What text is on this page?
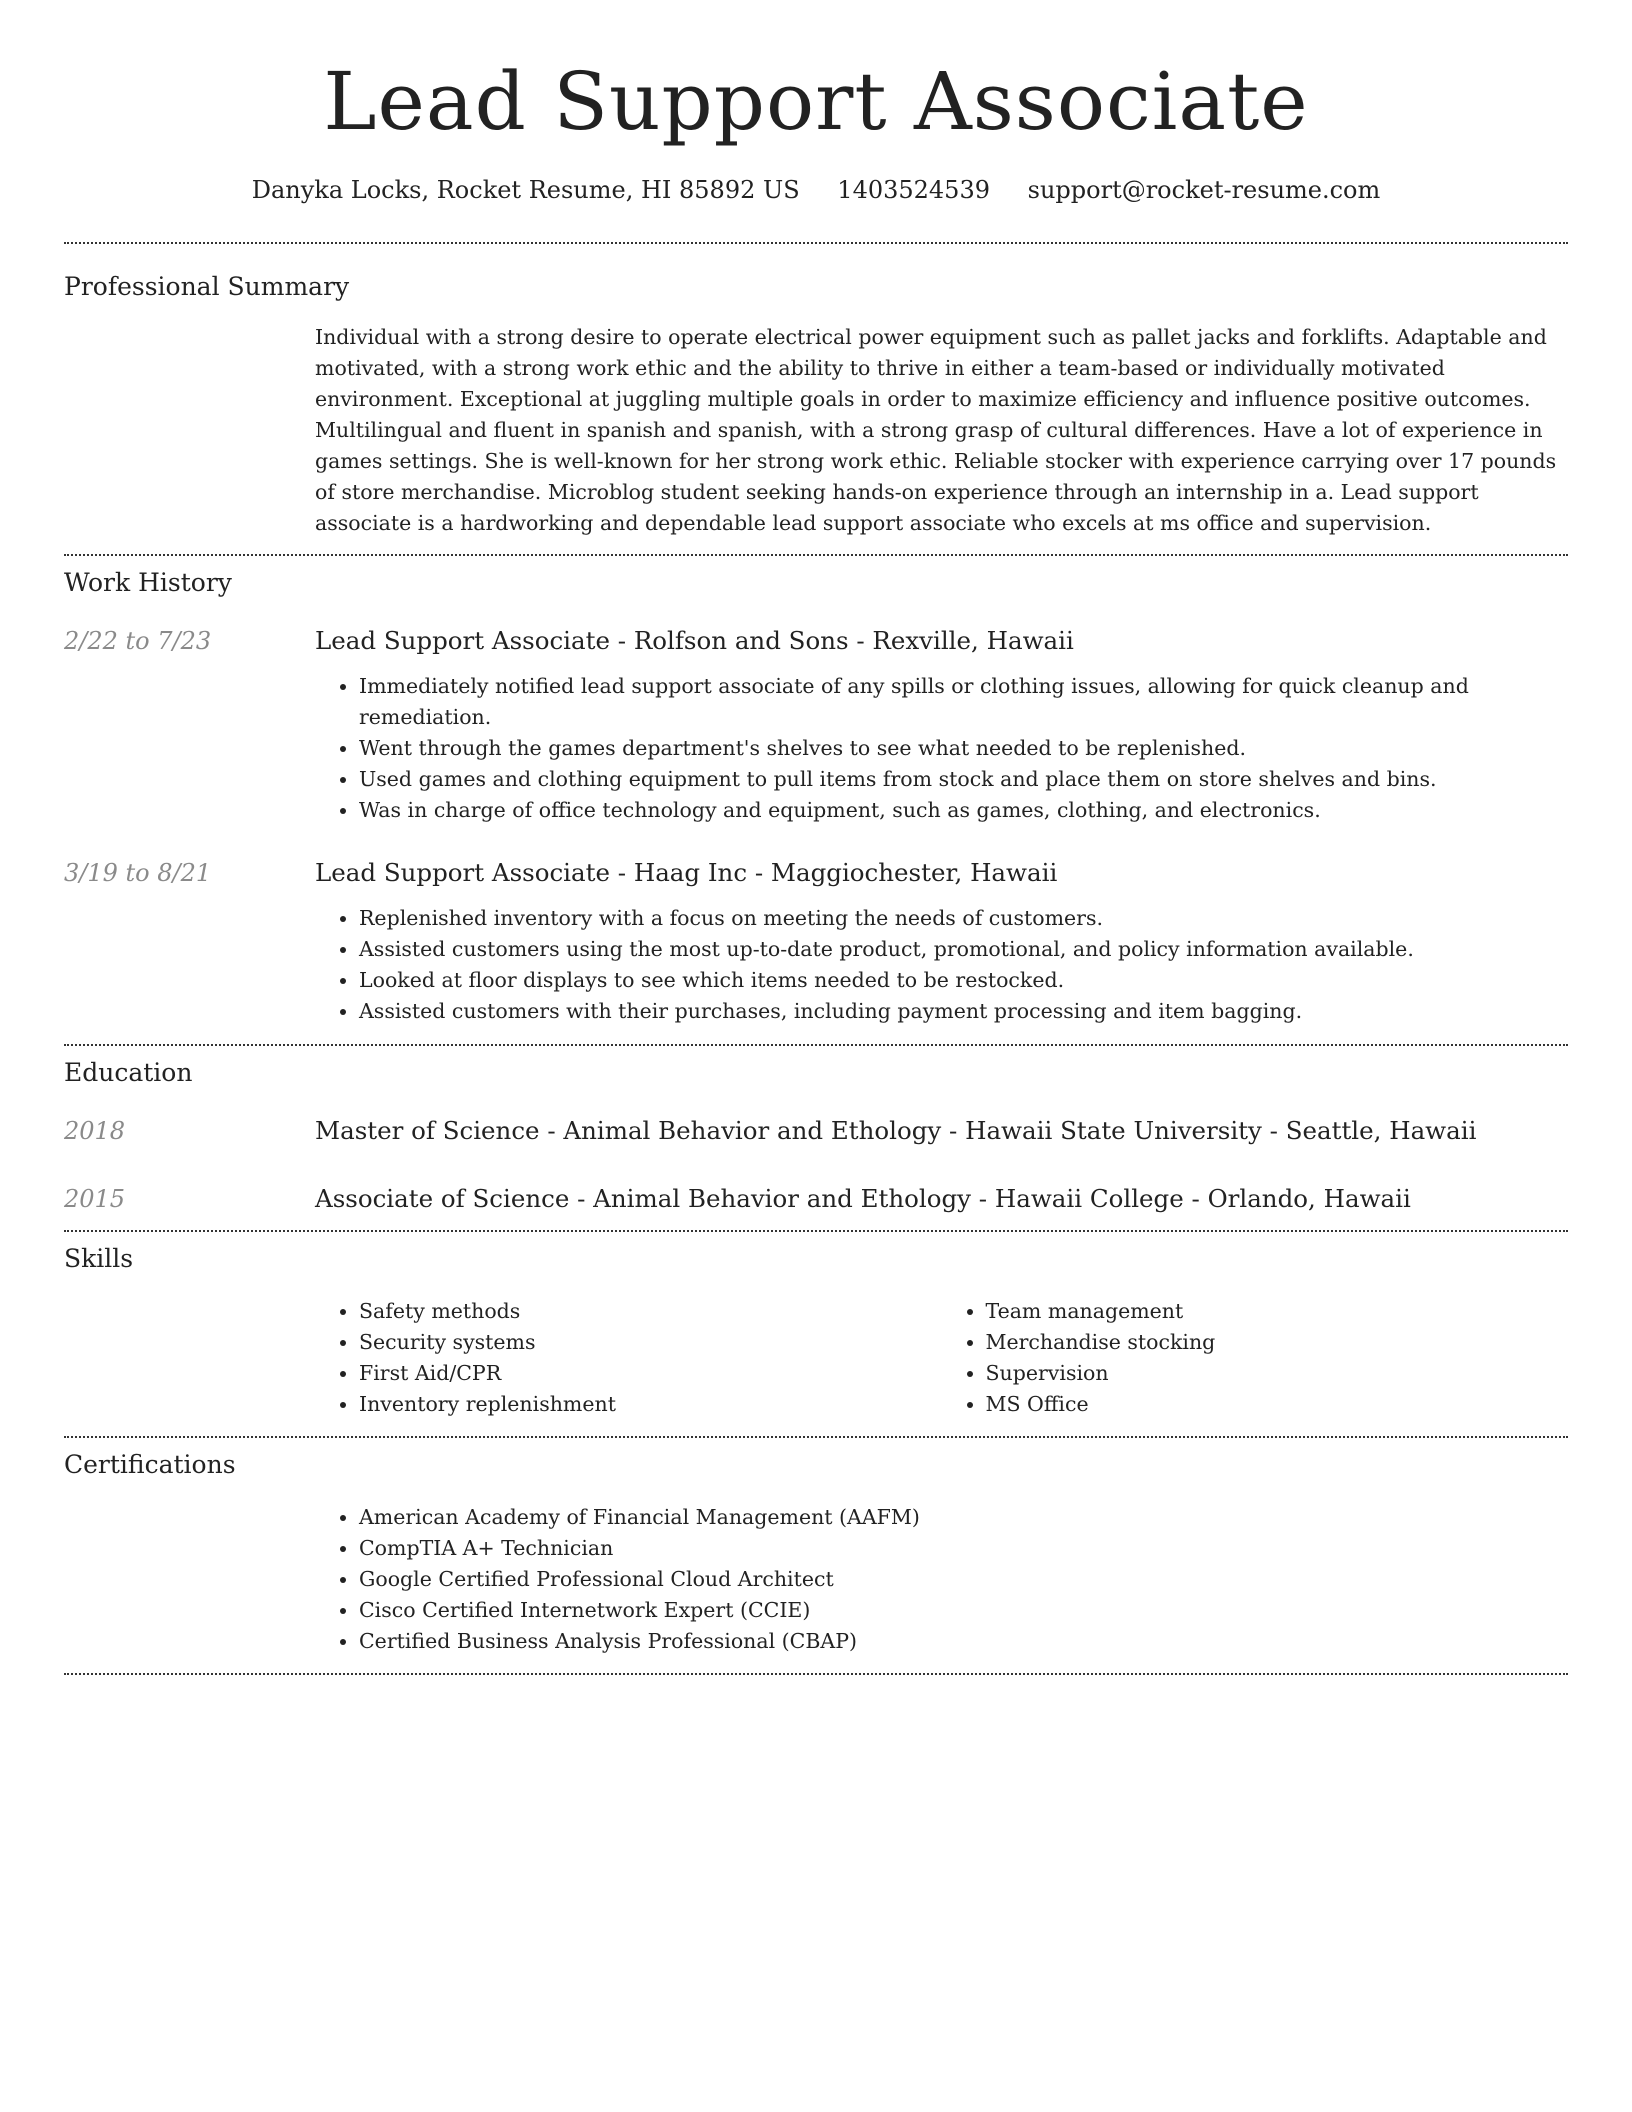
Lead Support Associate
Danyka Locks, Rocket Resume, HI 85892 US 1403524539 support@rocket-resume.com
Professional Summary

Individual with a strong desire to operate electrical power equipment such as pallet jacks and forklifts. Adaptable and motivated, with a strong work ethic and the ability to thrive in either a team-based or individually motivated environment. Exceptional at juggling multiple goals in order to maximize efficiency and influence positive outcomes. Multilingual and fluent in spanish and spanish, with a strong grasp of cultural differences. Have a lot of experience in games settings. She is well-known for her strong work ethic. Reliable stocker with experience carrying over 17 pounds of store merchandise. Microblog student seeking hands-on experience through an internship in a. Lead support associate is a hardworking and dependable lead support associate who excels at ms office and supervision.

Work History
2/22 to 7/23	Lead Support Associate - Rolfson and Sons - Rexville, Hawaii
• Immediately notified lead support associate of any spills or clothing issues, allowing for quick cleanup and remediation.
• Went through the games department's shelves to see what needed to be replenished.
• Used games and clothing equipment to pull items from stock and place them on store shelves and bins.
• Was in charge of office technology and equipment, such as games, clothing, and electronics.
3/19 to 8/21	Lead Support Associate - Haag Inc - Maggiochester, Hawaii
• Replenished inventory with a focus on meeting the needs of customers.
• Assisted customers using the most up-to-date product, promotional, and policy information available.
• Looked at floor displays to see which items needed to be restocked.
• Assisted customers with their purchases, including payment processing and item bagging.
Education
2018	Master of Science - Animal Behavior and Ethology - Hawaii State University - Seattle, Hawaii
2015	Associate of Science - Animal Behavior and Ethology - Hawaii College - Orlando, Hawaii
Skills
• Safety methods
• Security systems
• First Aid/CPR
• Inventory replenishment
• Team management
• Merchandise stocking
• Supervision
• MS Office
Certifications
• American Academy of Financial Management (AAFM)
• CompTIA A+ Technician
• Google Certified Professional Cloud Architect
• Cisco Certified Internetwork Expert (CCIE)
• Certified Business Analysis Professional (CBAP)
